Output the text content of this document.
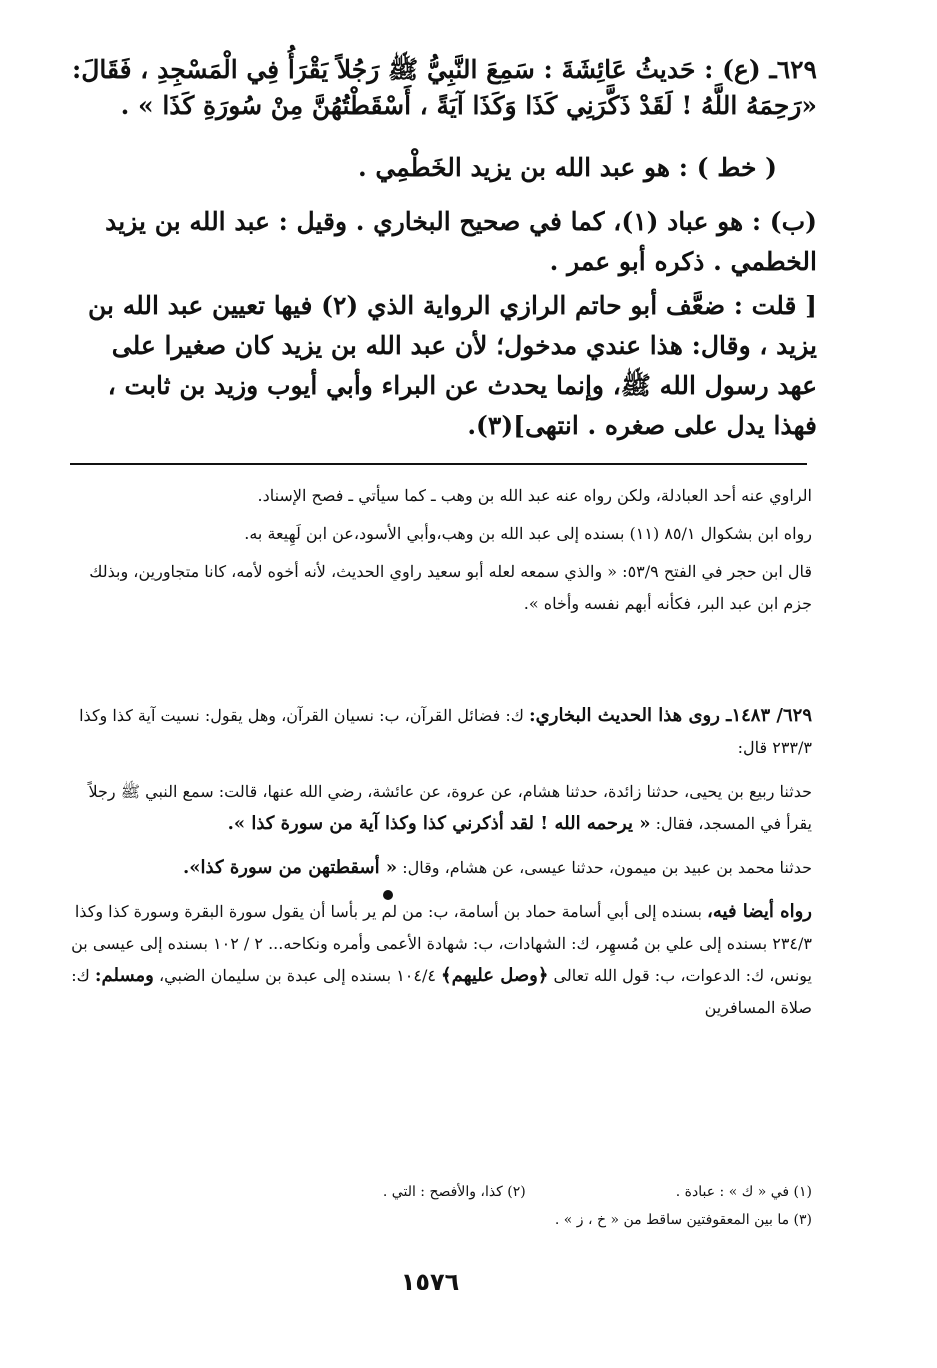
٦٢٩ـ (ع) : حَديثُ عَائِشَةَ : سَمِعَ النَّبِيُّ ﷺ رَجُلاً يَقْرَأُ فِي الْمَسْجِدِ ، فَقَالَ: «رَحِمَهُ اللَّهُ ! لَقَدْ ذَكَّرَنِي كَذَا وَكَذَا آيَةً ، أَسْقَطْتُهُنَّ مِنْ سُورَةِ كَذَا » .

( خط ) : هو عبد الله بن يزيد الخَطْمِي .

(ب) : هو عباد (١)، كما في صحيح البخاري . وقيل : عبد الله بن يزيد الخطمي . ذكره أبو عمر .

[ قلت : ضعَّف أبو حاتم الرازي الرواية الذي (٢) فيها تعيين عبد الله بن يزيد ، وقال: هذا عندي مدخول؛ لأن عبد الله بن يزيد كان صغيرا على عهد رسول الله ﷺ، وإنما يحدث عن البراء وأبي أيوب وزيد بن ثابت ، فهذا يدل على صغره . انتهى](٣).

الراوي عنه أحد العبادلة، ولكن رواه عنه عبد الله بن وهب ـ كما سيأتي ـ فصح الإسناد.

رواه ابن بشكوال ٨٥/١ (١١) بسنده إلى عبد الله بن وهب،وأبي الأسود،عن ابن لَهِيعة به.

قال ابن حجر في الفتح ٥٣/٩: « والذي سمعه لعله أبو سعيد راوي الحديث، لأنه أخوه لأمه، كانا متجاورين، وبذلك جزم ابن عبد البر، فكأنه أبهم نفسه وأخاه ».

٦٢٩/ ١٤٨٣ـ روى هذا الحديث البخاري: ك: فضائل القرآن، ب: نسيان القرآن، وهل يقول: نسيت آية كذا وكذا ٢٣٣/٣ قال:

حدثنا ربيع بن يحيى، حدثنا زائدة، حدثنا هشام، عن عروة، عن عائشة، رضي الله عنها، قالت: سمع النبي ﷺ رجلاً يقرأ في المسجد، فقال: « يرحمه الله ! لقد أذكرني كذا وكذا آية من سورة كذا ».

حدثنا محمد بن عبيد بن ميمون، حدثنا عيسى، عن هشام، وقال: « أسقطتهن من سورة كذا».

رواه أيضا فيه، بسنده إلى أبي أسامة حماد بن أسامة، ب: من لم ير بأسا أن يقول سورة البقرة وسورة كذا وكذا ٢٣٤/٣ بسنده إلى علي بن مُسهِر، ك: الشهادات، ب: شهادة الأعمى وأمره ونكاحه... ٢ / ١٠٢ بسنده إلى عيسى بن يونس، ك: الدعوات، ب: قول الله تعالى ﴿وصل عليهم﴾ ١٠٤/٤ بسنده إلى عبدة بن سليمان الضبي، ومسلم: ك: صلاة المسافرين

(١) في « ك » : عبادة .
(٢) كذا، والأفصح : التي .
(٣) ما بين المعقوفتين ساقط من « خ ، ز » .
١٥٧٦
